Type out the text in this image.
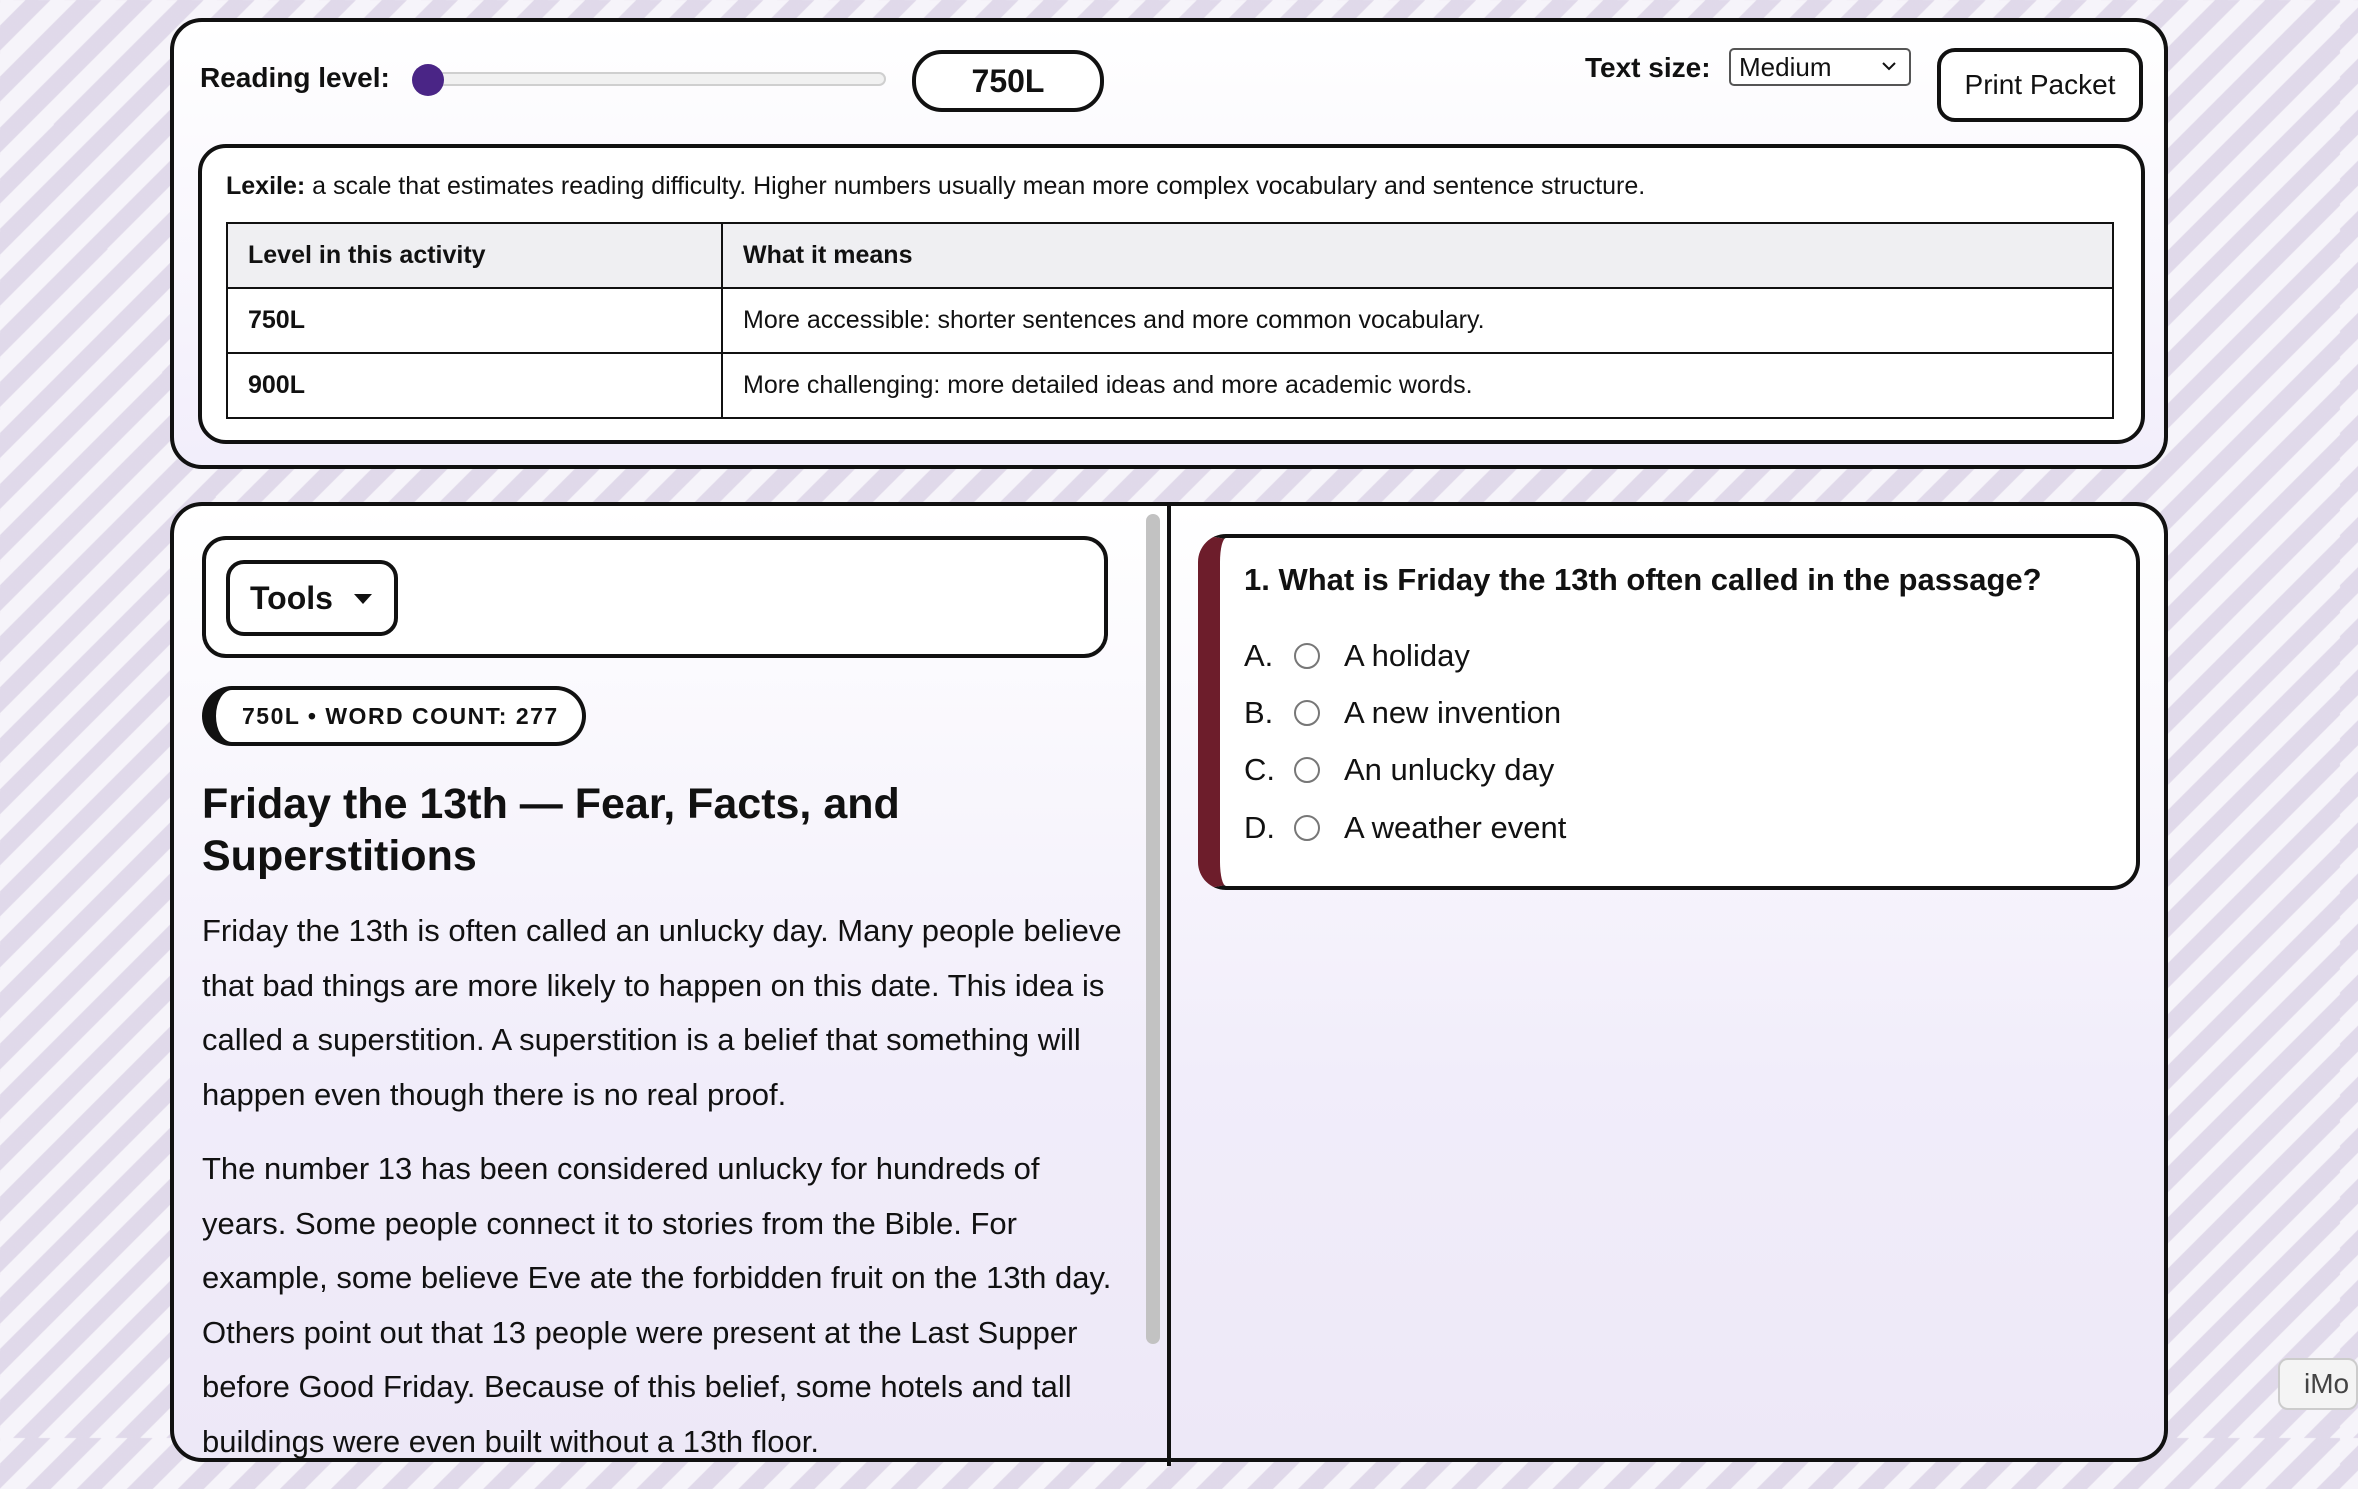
Reading level:	750L	Text size:	Medium
Print Packet
Lexile: a scale that estimates reading difficulty. Higher numbers usually mean more complex vocabulary and sentence structure.
Level in this activity	What it means
750L	More accessible: shorter sentences and more common vocabulary.
900L	More challenging: more detailed ideas and more academic words.
Tools
750L • WORD COUNT: 277
Friday the 13th — Fear, Facts, and Superstitions

Friday the 13th is often called an unlucky day. Many people believe that bad things are more likely to happen on this date. This idea is called a superstition. A superstition is a belief that something will happen even though there is no real proof.

The number 13 has been considered unlucky for hundreds of years. Some people connect it to stories from the Bible. For example, some believe Eve ate the forbidden fruit on the 13th day. Others point out that 13 people were present at the Last Supper before Good Friday. Because of this belief, some hotels and tall buildings were even built without a 13th floor.

1. What is Friday the 13th often called in the passage?
A.	A holiday
B.	A new invention
C.	An unlucky day
D.	A weather event
iMo
